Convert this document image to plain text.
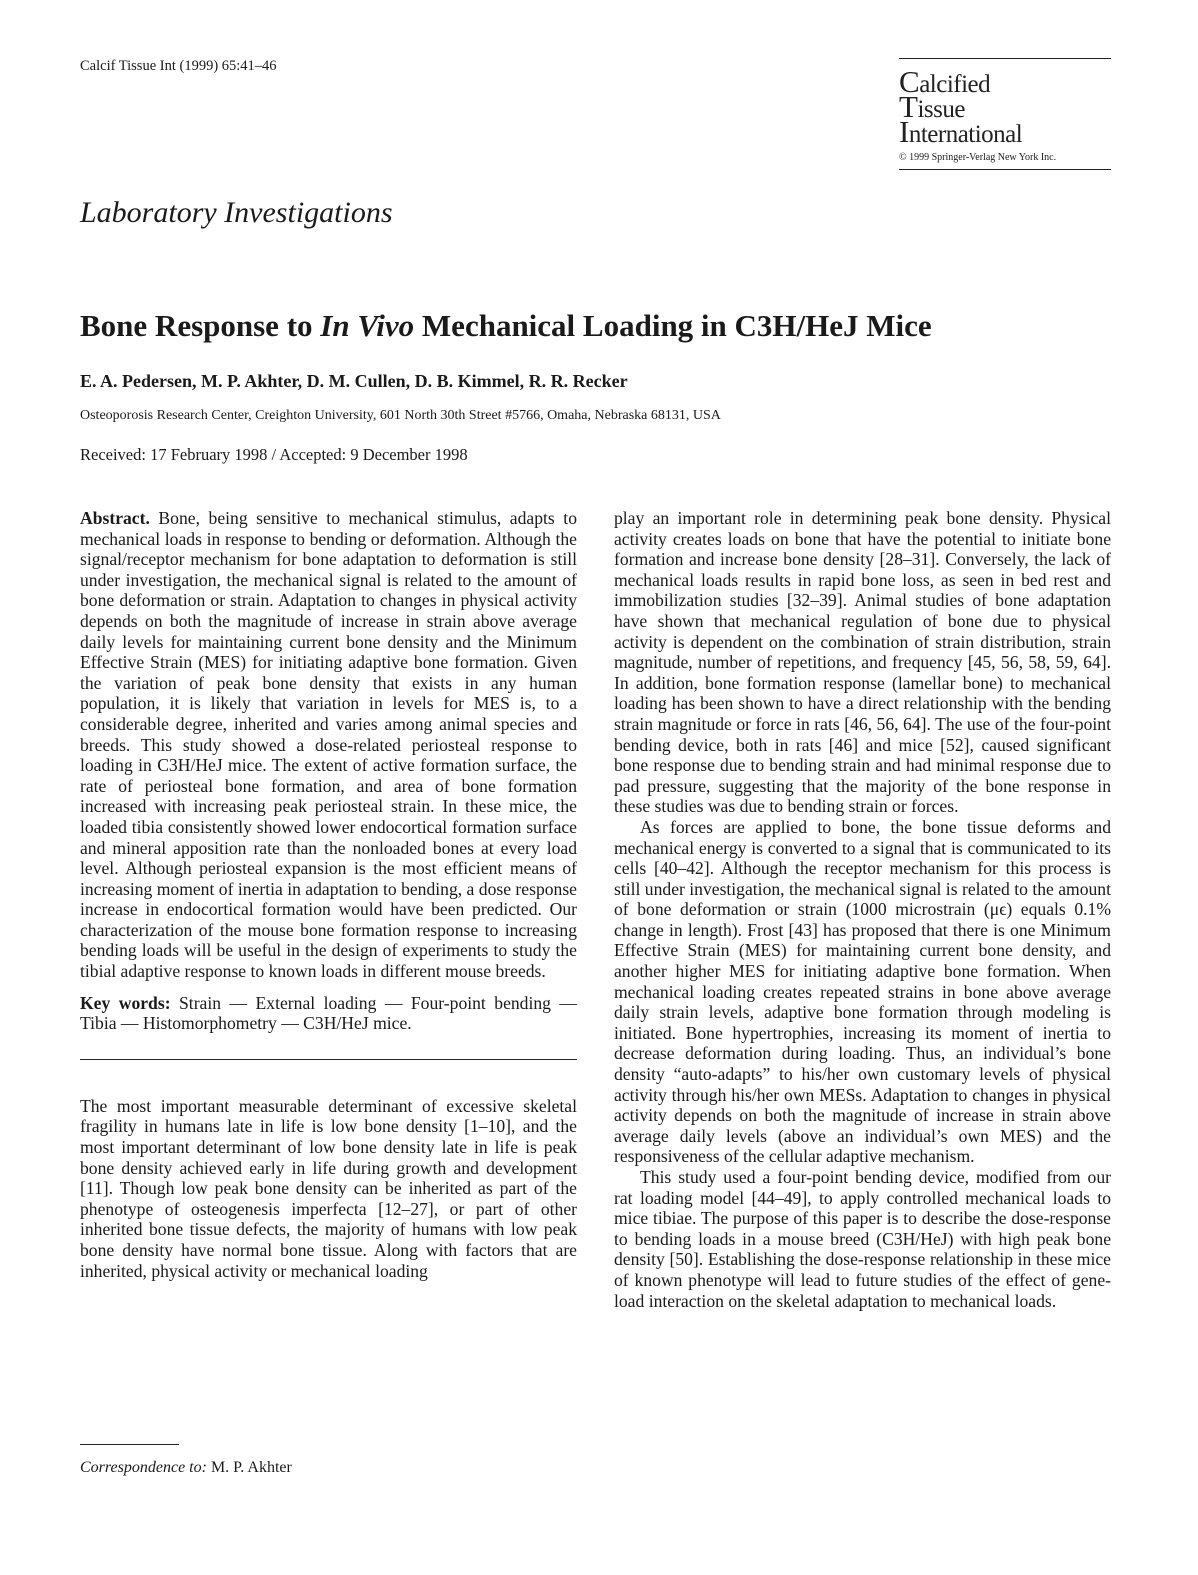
Calcif Tissue Int (1999) 65:41–46	Calcified
Tissue
International
© 1999 Springer-Verlag New York Inc.
Laboratory Investigations
Bone Response to In Vivo Mechanical Loading in C3H/HeJ Mice
E. A. Pedersen, M. P. Akhter, D. M. Cullen, D. B. Kimmel, R. R. Recker
Osteoporosis Research Center, Creighton University, 601 North 30th Street #5766, Omaha, Nebraska 68131, USA
Received: 17 February 1998 / Accepted: 9 December 1998

Abstract. Bone, being sensitive to mechanical stimulus, adapts to mechanical loads in response to bending or deformation. Although the signal/receptor mechanism for bone adaptation to deformation is still under investigation, the mechanical signal is related to the amount of bone deformation or strain. Adaptation to changes in physical activity depends on both the magnitude of increase in strain above average daily levels for maintaining current bone density and the Minimum Effective Strain (MES) for initiating adaptive bone formation. Given the variation of peak bone density that exists in any human population, it is likely that variation in levels for MES is, to a considerable degree, inherited and varies among animal species and breeds. This study showed a dose-related periosteal response to loading in C3H/HeJ mice. The extent of active formation surface, the rate of periosteal bone formation, and area of bone formation increased with increasing peak periosteal strain. In these mice, the loaded tibia consistently showed lower endocortical formation surface and mineral apposition rate than the nonloaded bones at every load level. Although periosteal expansion is the most efficient means of increasing moment of inertia in adaptation to bending, a dose response increase in endocortical formation would have been predicted. Our characterization of the mouse bone formation response to increasing bending loads will be useful in the design of experiments to study the tibial adaptive response to known loads in different mouse breeds.

Key words: Strain — External loading — Four-point bending — Tibia — Histomorphometry — C3H/HeJ mice.

The most important measurable determinant of excessive skeletal fragility in humans late in life is low bone density [1–10], and the most important determinant of low bone density late in life is peak bone density achieved early in life during growth and development [11]. Though low peak bone density can be inherited as part of the phenotype of osteogenesis imperfecta [12–27], or part of other inherited bone tissue defects, the majority of humans with low peak bone density have normal bone tissue. Along with factors that are inherited, physical activity or mechanical loading

play an important role in determining peak bone density. Physical activity creates loads on bone that have the potential to initiate bone formation and increase bone density [28–31]. Conversely, the lack of mechanical loads results in rapid bone loss, as seen in bed rest and immobilization studies [32–39]. Animal studies of bone adaptation have shown that mechanical regulation of bone due to physical activity is dependent on the combination of strain distribution, strain magnitude, number of repetitions, and frequency [45, 56, 58, 59, 64]. In addition, bone formation response (lamellar bone) to mechanical loading has been shown to have a direct relationship with the bending strain magnitude or force in rats [46, 56, 64]. The use of the four-point bending device, both in rats [46] and mice [52], caused significant bone response due to bending strain and had minimal response due to pad pressure, suggesting that the majority of the bone response in these studies was due to bending strain or forces.

As forces are applied to bone, the bone tissue deforms and mechanical energy is converted to a signal that is communicated to its cells [40–42]. Although the receptor mechanism for this process is still under investigation, the mechanical signal is related to the amount of bone deformation or strain (1000 microstrain (μϵ) equals 0.1% change in length). Frost [43] has proposed that there is one Minimum Effective Strain (MES) for maintaining current bone density, and another higher MES for initiating adaptive bone formation. When mechanical loading creates repeated strains in bone above average daily strain levels, adaptive bone formation through modeling is initiated. Bone hypertrophies, increasing its moment of inertia to decrease deformation during loading. Thus, an individual’s bone density “auto-adapts” to his/her own customary levels of physical activity through his/her own MESs. Adaptation to changes in physical activity depends on both the magnitude of increase in strain above average daily levels (above an individual’s own MES) and the responsiveness of the cellular adaptive mechanism.

This study used a four-point bending device, modified from our rat loading model [44–49], to apply controlled mechanical loads to mice tibiae. The purpose of this paper is to describe the dose-response to bending loads in a mouse breed (C3H/HeJ) with high peak bone density [50]. Establishing the dose-response relationship in these mice of known phenotype will lead to future studies of the effect of gene-load interaction on the skeletal adaptation to mechanical loads.

Correspondence to: M. P. Akhter
